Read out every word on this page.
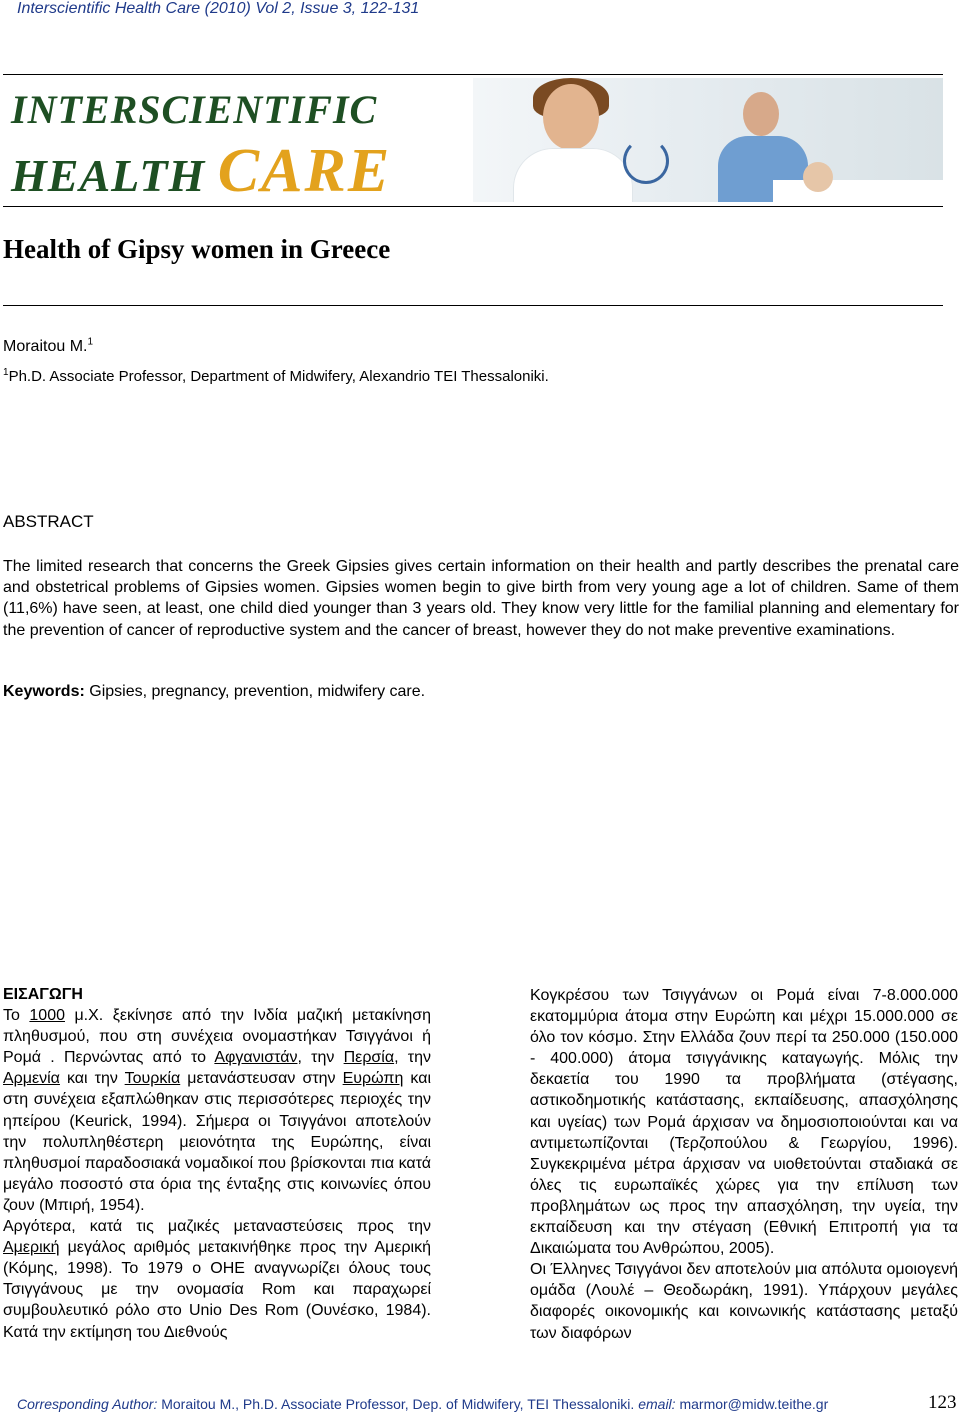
Interscientific Health Care (2010) Vol 2, Issue 3, 122-131
INTERSCIENTIFIC
HEALTH CARE
Health of Gipsy women in Greece
Moraitou M.$^1$
$^1$Ph.D. Associate Professor, Department of Midwifery, Alexandrio TEI Thessaloniki.
ABSTRACT

The limited research that concerns the Greek Gipsies gives certain information on their health and partly describes the prenatal care and obstetrical problems of Gipsies women. Gipsies women begin to give birth from very young age a lot of children. Same of them (11,6%) have seen, at least, one child died younger than 3 years old. They know very little for the familial planning and elementary for the prevention of cancer of reproductive system and the cancer of breast, however they do not make preventive examinations.

Keywords: Gipsies, pregnancy, prevention, midwifery care.

ΕΙΣΑΓΩΓΗ

Το 1000 μ.Χ. ξεκίνησε από την Ινδία μαζική μετακίνηση πληθυσμού, που στη συνέχεια ονομαστήκαν Τσιγγάνοι ή Ρομά . Περνώντας από το Αφγανιστάν, την Περσία, την Αρμενία και την Τουρκία μετανάστευσαν στην Ευρώπη και στη συνέχεια εξαπλώθηκαν στις περισσότερες περιοχές την ηπείρου (Keurick, 1994). Σήμερα οι Τσιγγάνοι αποτελούν την πολυπληθέστερη μειονότητα της Ευρώπης, είναι πληθυσμοί παραδοσιακά νομαδικοί που βρίσκονται πια κατά μεγάλο ποσοστό στα όρια της ένταξης στις κοινωνίες όπου ζουν (Μπιρή, 1954).

Αργότερα, κατά τις μαζικές μεταναστεύσεις προς την Αμερική μεγάλος αριθμός μετακινήθηκε προς την Αμερική (Κόμης, 1998). Το 1979 ο ΟΗΕ αναγνωρίζει όλους τους Τσιγγάνους με την ονομασία Rom και παραχωρεί συμβουλευτικό ρόλο στο Unio Des Rom (Ουνέσκο, 1984). Κατά την εκτίμηση του Διεθνούς

Κογκρέσου των Τσιγγάνων οι Ρομά είναι 7-8.000.000 εκατομμύρια άτομα στην Ευρώπη και μέχρι 15.000.000 σε όλο τον κόσμο. Στην Ελλάδα ζουν περί τα 250.000 (150.000 - 400.000) άτομα τσιγγάνικης καταγωγής. Μόλις την δεκαετία του 1990 τα προβλήματα (στέγασης, αστικοδημοτικής κατάστασης, εκπαίδευσης, απασχόλησης και υγείας) των Ρομά άρχισαν να δημοσιοποιούνται και να αντιμετωπίζονται (Τερζοπούλου & Γεωργίου, 1996). Συγκεκριμένα μέτρα άρχισαν να υιοθετούνται σταδιακά σε όλες τις ευρωπαϊκές χώρες για την επίλυση των προβλημάτων ως προς την απασχόληση, την υγεία, την εκπαίδευση και την στέγαση (Εθνική Επιτροπή για τα Δικαιώματα του Ανθρώπου, 2005).

Οι Έλληνες Τσιγγάνοι δεν αποτελούν μια απόλυτα ομοιογενή ομάδα (Λουλέ – Θεοδωράκη, 1991). Υπάρχουν μεγάλες διαφορές οικονομικής και κοινωνικής κατάστασης μεταξύ των διαφόρων

Corresponding Author: Moraitou M., Ph.D. Associate Professor, Dep. of Midwifery, TEI Thessaloniki. email: marmor@midw.teithe.gr	123
